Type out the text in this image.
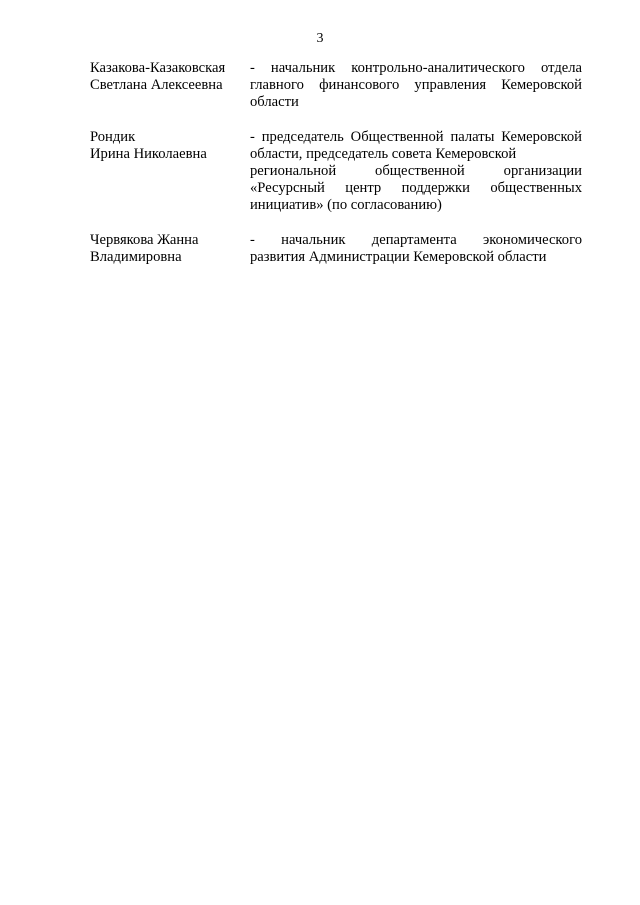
3
Казакова-Казаковская
Светлана Алексеевна
- начальник контрольно-аналитического отдела
главного финансового управления Кемеровской
области
Рондик
Ирина Николаевна
- председатель Общественной палаты Кемеровской
области, председатель совета Кемеровской
региональной общественной организации
«Ресурсный центр поддержки общественных
инициатив» (по согласованию)
Червякова Жанна
Владимировна
- начальник департамента экономического
развития Администрации Кемеровской области
